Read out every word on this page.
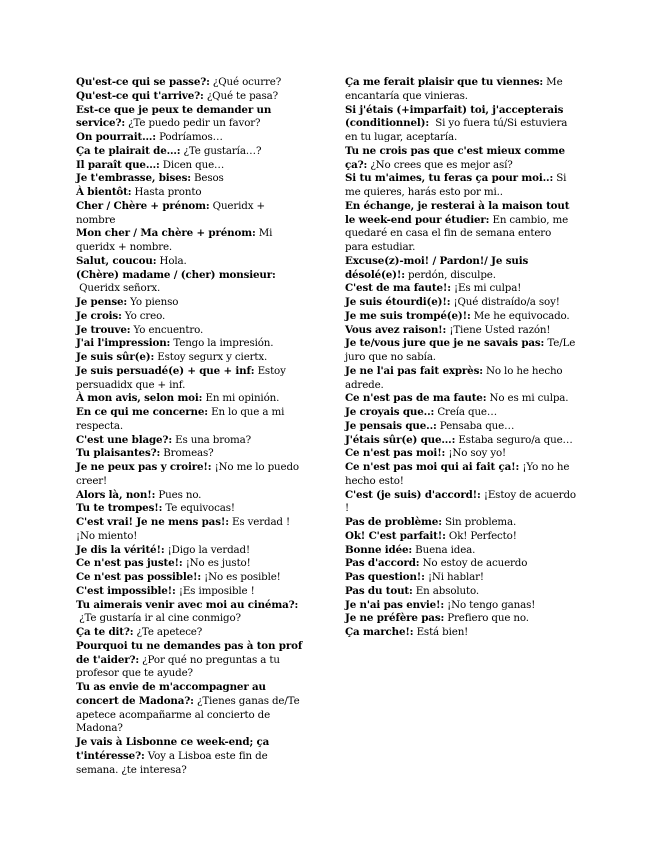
Qu'est-ce qui se passe?: ¿Qué ocurre?

Qu'est-ce qui t'arrive?: ¿Qué te pasa?

Est-ce que je peux te demander un service?: ¿Te puedo pedir un favor?

On pourrait…: Podríamos…

Ça te plairait de…: ¿Te gustaría…?

Il paraît que…: Dicen que…

Je t'embrasse, bises: Besos

À bientôt: Hasta pronto

Cher / Chère + prénom: Queridx + nombre

Mon cher / Ma chère + prénom: Mi queridx + nombre.

Salut, coucou: Hola.

(Chère) madame / (cher) monsieur: Queridx señorx.

Je pense: Yo pienso

Je crois: Yo creo.

Je trouve: Yo encuentro.

J'ai l'impression: Tengo la impresión.

Je suis sûr(e): Estoy segurx y ciertx.

Je suis persuadé(e) + que + inf: Estoy persuadidx que + inf.

À mon avis, selon moi: En mi opinión.

En ce qui me concerne: En lo que a mi respecta.

C'est une blage?: Es una broma?

Tu plaisantes?: Bromeas?

Je ne peux pas y croire!: ¡No me lo puedo creer!

Alors là, non!: Pues no.

Tu te trompes!: Te equivocas!

C'est vrai! Je ne mens pas!: Es verdad ! ¡No miento!

Je dis la vérité!: ¡Digo la verdad!

Ce n'est pas juste!: ¡No es justo!

Ce n'est pas possible!: ¡No es posible!

C'est impossible!: ¡Es imposible !

Tu aimerais venir avec moi au cinéma?: ¿Te gustaría ir al cine conmigo?

Ça te dit?: ¿Te apetece?

Pourquoi tu ne demandes pas à ton prof de t'aider?: ¿Por qué no preguntas a tu profesor que te ayude?

Tu as envie de m'accompagner au concert de Madona?: ¿Tienes ganas de/Te apetece acompañarme al concierto de Madona?

Je vais à Lisbonne ce week-end; ça t'intéresse?: Voy a Lisboa este fin de semana. ¿te interesa?

Ça me ferait plaisir que tu viennes: Me encantaría que vinieras.

Si j'étais (+imparfait) toi, j'accepterais (conditionnel):  Si yo fuera tú/Si estuviera en tu lugar, aceptaría.

Tu ne crois pas que c'est mieux comme ça?: ¿No crees que es mejor así?

Si tu m'aimes, tu feras ça pour moi..: Si me quieres, harás esto por mi..

En échange, je resterai à la maison tout le week-end pour étudier: En cambio, me quedaré en casa el fin de semana entero para estudiar.

Excuse(z)-moi! / Pardon!/ Je suis désolé(e)!: perdón, disculpe.

C'est de ma faute!: ¡Es mi culpa!

Je suis étourdi(e)!: ¡Qué distraído/a soy!

Je me suis trompé(e)!: Me he equivocado.

Vous avez raison!: ¡Tiene Usted razón!

Je te/vous jure que je ne savais pas: Te/Le juro que no sabía.

Je ne l'ai pas fait exprès: No lo he hecho adrede.

Ce n'est pas de ma faute: No es mi culpa.

Je croyais que..: Creía que…

Je pensais que..: Pensaba que…

J'étais sûr(e) que…: Estaba seguro/a que…

Ce n'est pas moi!: ¡No soy yo!

Ce n'est pas moi qui ai fait ça!: ¡Yo no he hecho esto!

C'est (je suis) d'accord!: ¡Estoy de acuerdo !

Pas de problème: Sin problema.

Ok! C'est parfait!: Ok! Perfecto!

Bonne idée: Buena idea.

Pas d'accord: No estoy de acuerdo

Pas question!: ¡Ni hablar!

Pas du tout: En absoluto.

Je n'ai pas envie!: ¡No tengo ganas!

Je ne préfère pas: Prefiero que no.

Ça marche!: Está bien!
